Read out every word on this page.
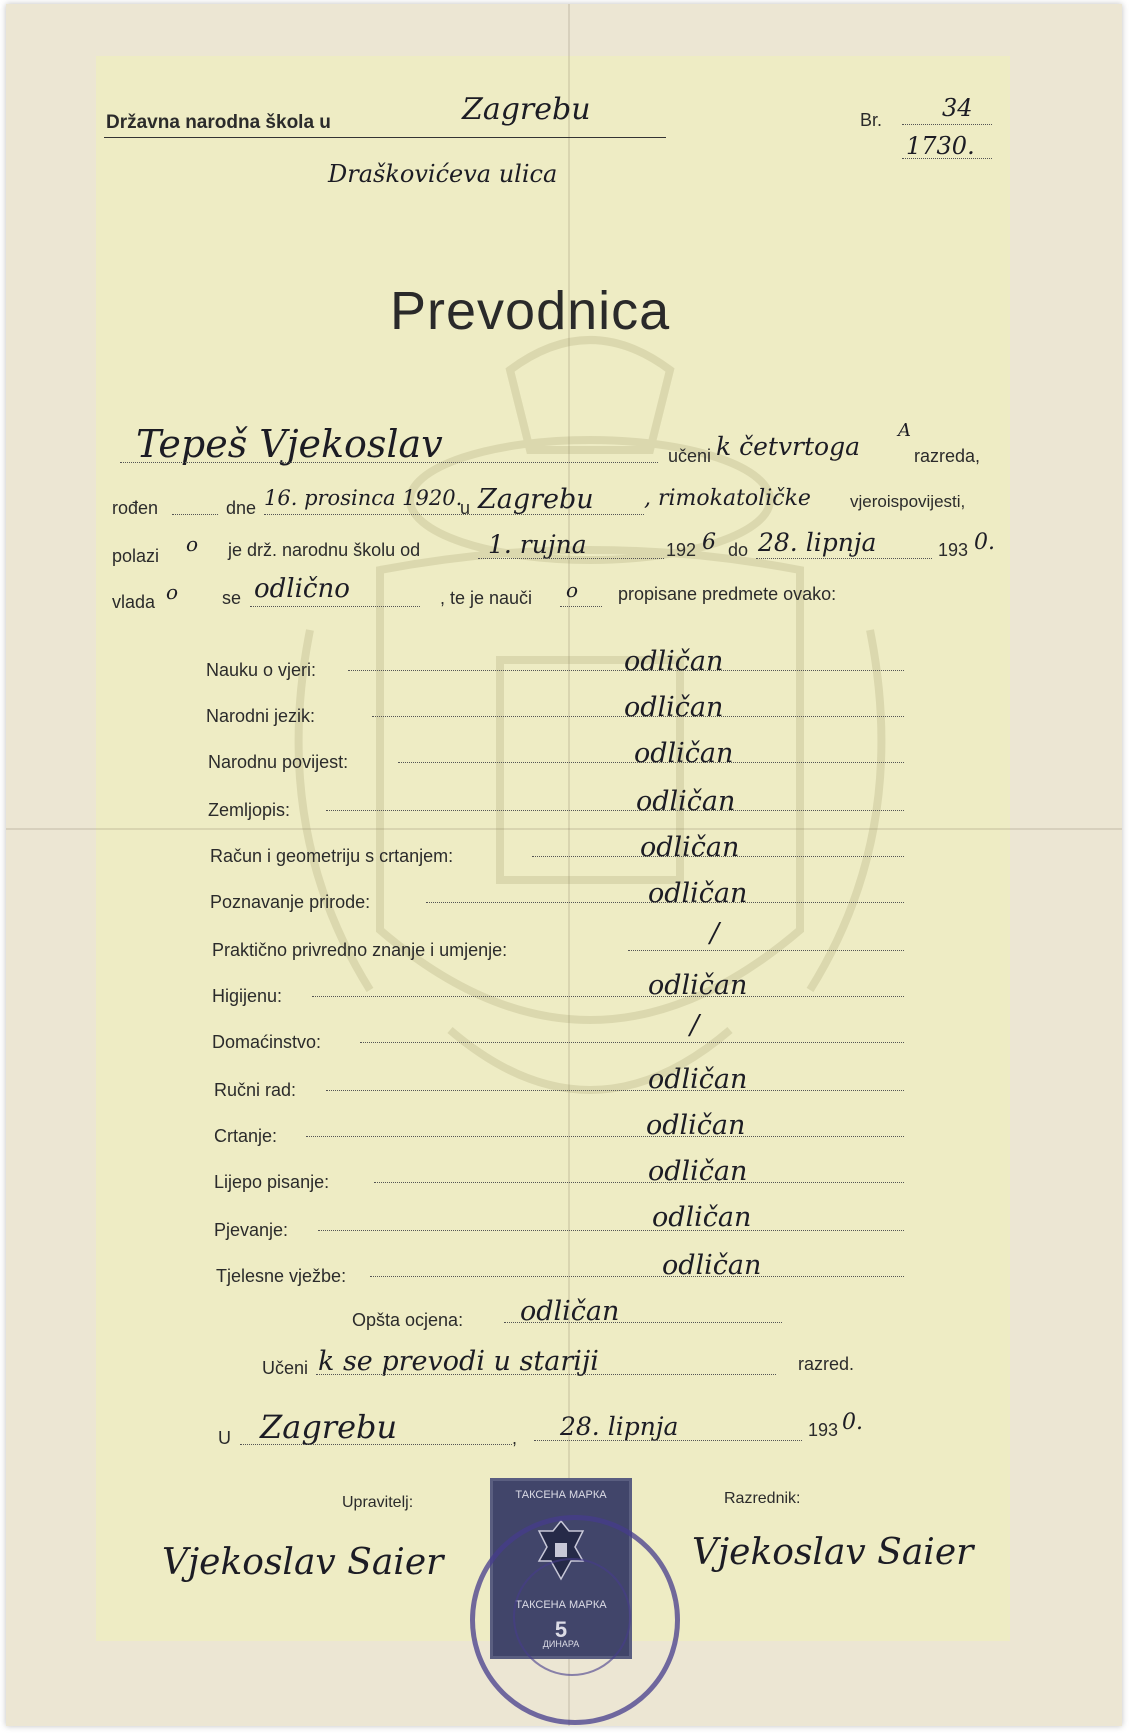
Državna narodna škola u	Zagrebu
Draškovićeva ulica
Br. 34
1730.
Prevodnica
Tepeš Vjekoslav	učeni k četvrtoga
A
razreda,
rođen	dne 16. prosinca 1920.
u Zagrebu , rimokatoličke vjeroispovijesti,
polazi o je drž. narodnu školu od	1. rujna	192 6 do 28. lipnja	193 0.
vlada o se odlično	, te je nauči o propisane predmete ovako:
Nauku o vjeri:	odličan
Narodni jezik:	odličan
Narodnu povijest:	odličan
Zemljopis:	odličan
Račun i geometriju s crtanjem:	odličan
Poznavanje prirode:	odličan
Praktično privredno znanje i umjenje:
/
Higijenu:	odličan
Domaćinstvo:
/
Ručni rad:	odličan
Crtanje:	odličan
Lijepo pisanje:	odličan
Pjevanje:	odličan
Tjelesne vježbe:	odličan
Opšta ocjena: odličan
Učeni k se prevodi u stariji	razred.
U Zagrebu	, 28. lipnja	193 0.
Upravitelj:
Vjekoslav Saier
Razrednik:
Vjekoslav Saier
ТАКСЕНА МАРКА
ТАКСЕНА МАРКА
5
ДИНАРА
